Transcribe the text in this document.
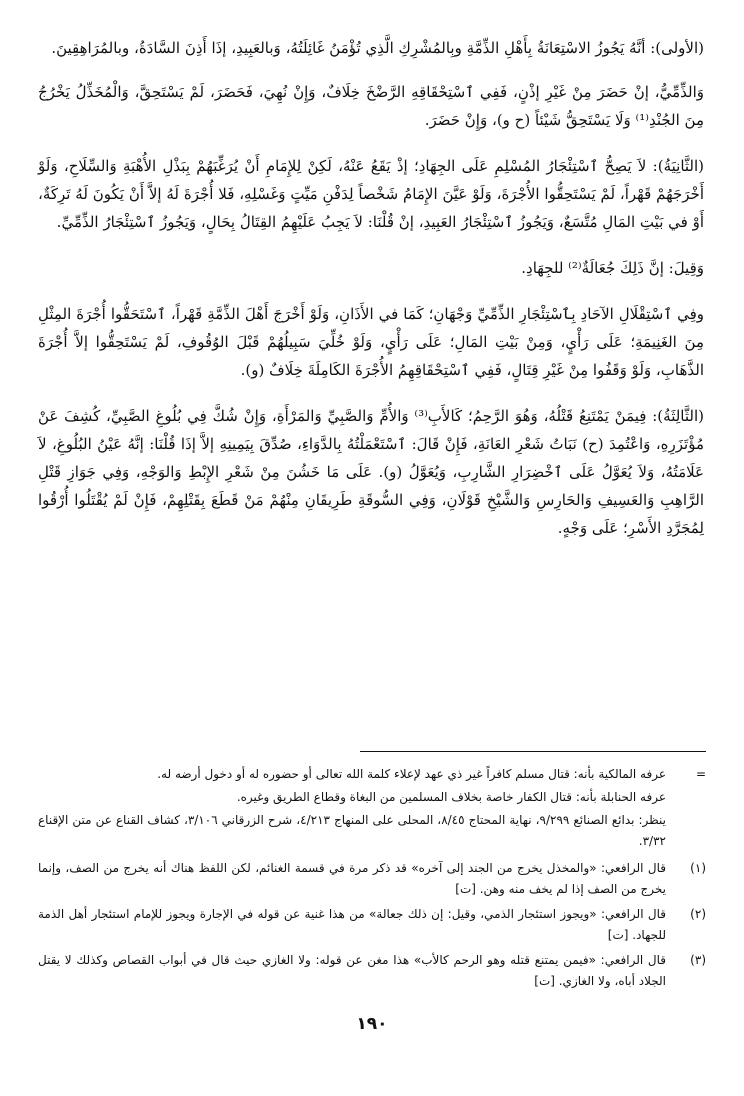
(الأولى): أنَّهُ يَجُوزُ الاسْتِعَانَةُ بِأَهْلِ الذِّمَّةِ وبِالمُشْرِكِ الَّذِي تُؤْمَنُ غَائِلَتُهُ، وَبالعَبِيدِ، إذَا أَذِنَ السَّادَةُ، وبالمُرَاهِقِينَ.

وَالذِّمِّيُّ، إنْ حَضَرَ مِنْ غَيْرِ إذْنٍ، فَفِي ٱسْتِحْقَاقِهِ الرَّضْخَ خِلَافٌ، وَإِنْ نُهِيَ، فَحَضَرَ، لَمْ يَسْتَحِقَّ، وَالْمُخَذِّلُ يَخْرُجُ مِنَ الجُنْدِ⁽¹⁾ وَلَا يَسْتَحِقُّ شَيْئاً (ح و)، وَإِنْ حَضَرَ.

(الثَّانِيَةُ): لاَ يَصِحُّ ٱسْتِئْجَارُ المُسْلِمِ عَلَى الجِهَادِ؛ إذْ يَقَعُ عَنْهُ، لَكِنْ لِلإِمَامِ أَنْ يُرَغِّبَهُمْ بِبَذْلِ الأُهْبَةِ وَالسِّلَاحِ، وَلَوْ أَخْرَجَهُمْ قَهْراً، لَمْ يَسْتَحِقُّوا الأُجْرَةَ، وَلَوْ عَيَّنَ الإِمَامُ شَخْصاً لِدَفْنِ مَيِّتٍ وَغَسْلِهِ، فَلا أُجْرَةَ لَهُ إلاَّ أَنْ يَكُونَ لَهُ تَرِكَةٌ، أَوْ في بَيْتِ المَالِ مُتَّسَعٌ، وَيَجُوزُ ٱسْتِئْجَارُ العَبِيدِ، إنْ قُلْنَا: لاَ يَجِبُ عَلَيْهِمُ القِتَالُ بِحَالٍ، وَيَجُوزُ ٱسْتِئْجَارُ الذِّمِّيِّ.

وَقِيلَ: إنَّ ذَلِكَ جُعَالَةٌ⁽²⁾ للجِهَادِ.

وفِي ٱسْتِقْلَالِ الآحَادِ بِٱسْتِئْجَارِ الذِّمِّيِّ وَجْهَانِ؛ كَمَا في الأَذَانِ، وَلَوْ أَخْرَجَ أَهْلَ الذِّمَّةِ قَهْراً، ٱسْتَحَقُّوا أُجْرَةَ المِثْلِ مِنَ الغَنِيمَةِ؛ عَلَى رَأْيٍ، وَمِنْ بَيْتِ المَالِ؛ عَلَى رَأْيٍ، وَلَوْ خُلِّيَ سَبِيلُهُمْ قَبْلَ الوُقُوفِ، لَمْ يَسْتَحِقُّوا إلاَّ أُجْرَةَ الذَّهَابِ، وَلَوْ وَقَفُوا مِنْ غَيْرِ قِتَالٍ، فَفِي ٱسْتِحْقَاقِهِمُ الأُجْرَةَ الكَامِلَةَ خِلَافٌ (و).

(الثَّالِثَةُ): فِيمَنْ يَمْتَنِعُ قَتْلُهُ، وَهُوَ الرَّحِمُ؛ كَالأَبِ⁽³⁾ وَالأُمِّ وَالصَّبِيِّ وَالمَرْأَةِ، وَإِنْ شُكَّ فِي بُلُوغِ الصَّبِيِّ، كُشِفَ عَنْ مُؤْتَزَرِهِ، وَاعْتُمِدَ (ح) نَبَاتُ شَعْرِ العَانَةِ، فَإِنْ قَالَ: ٱسْتَعْمَلْتُهُ بِالدَّوَاءِ، صُدِّقَ بِيَمِينِهِ إلاَّ إذَا قُلْنَا: إنَّهُ عَيْنُ البُلُوغِ، لاَ عَلَامَتُهُ، وَلاَ يُعَوَّلُ عَلَى ٱخْضِرَارِ الشَّارِبِ، وَيُعَوَّلُ (و). عَلَى مَا خَشُنَ مِنْ شَعْرِ الإِبْطِ وَالوَجْهِ، وَفِي جَوَازِ قَتْلِ الرَّاهِبِ وَالعَسِيفِ وَالحَارِسِ وَالشَّيْخِ قَوْلَانِ، وَفِي السُّوقَةِ طَرِيقَانِ مِنْهُمْ مَنْ قَطَعَ بِقَتْلِهِمْ، فَإِنْ لَمْ يُقْتَلُوا أُرْقُوا لِمُجَرَّدِ الأَسْرِ؛ عَلَى وَجْهٍ.

=

عرفه المالكية بأنه: قتال مسلم كافراً غير ذي عهد لإعلاء كلمة الله تعالى أو حضوره له أو دخول أرضه له.

عرفه الحنابلة بأنه: قتال الكفار خاصة بخلاف المسلمين من البغاة وقطاع الطريق وغيره.

ينظر: بدائع الصنائع ٩/٢٩٩، نهاية المحتاج ٨/٤٥، المحلى على المنهاج ٤/٢١٣، شرح الزرقاني ٣/١٠٦، كشاف القناع عن متن الإقناع ٣/٣٢.

(١)
قال الرافعي: «والمخذل يخرج من الجند إلى آخره» قد ذكر مرة في قسمة الغنائم، لكن اللفظ هناك أنه يخرج من الصف، وإنما يخرج من الصف إذا لم يخف منه وهن. [ت]
(٢)
قال الرافعي: «ويجوز استئجار الذمي، وقيل: إن ذلك جعالة» من هذا غنية عن قوله في الإجارة ويجوز للإمام استئجار أهل الذمة للجهاد. [ت]
(٣)
قال الرافعي: «فيمن يمتنع قتله وهو الرحم كالأب» هذا مغن عن قوله: ولا الغازي حيث قال في أبواب القصاص وكذلك لا يقتل الجلاد أباه، ولا الغازي. [ت]
١٩٠
